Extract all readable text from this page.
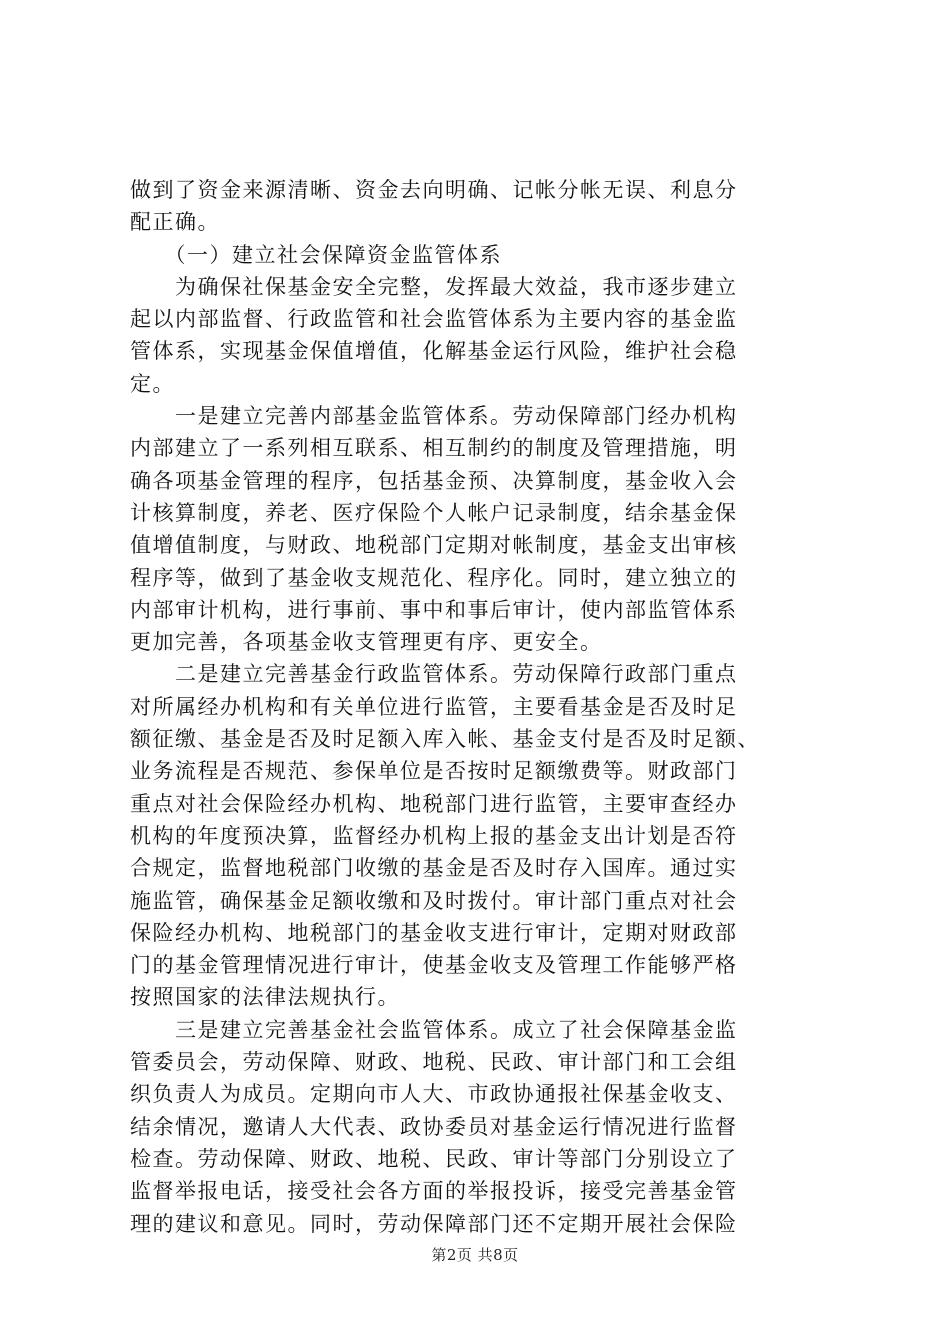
做到了资金来源清晰、资金去向明确、记帐分帐无误、利息分
配正确。
　　（一）建立社会保障资金监管体系
　　为确保社保基金安全完整，发挥最大效益，我市逐步建立
起以内部监督、行政监管和社会监管体系为主要内容的基金监
管体系，实现基金保值增值，化解基金运行风险，维护社会稳
定。
　　一是建立完善内部基金监管体系。劳动保障部门经办机构
内部建立了一系列相互联系、相互制约的制度及管理措施，明
确各项基金管理的程序，包括基金预、决算制度，基金收入会
计核算制度，养老、医疗保险个人帐户记录制度，结余基金保
值增值制度，与财政、地税部门定期对帐制度，基金支出审核
程序等，做到了基金收支规范化、程序化。同时，建立独立的
内部审计机构，进行事前、事中和事后审计，使内部监管体系
更加完善，各项基金收支管理更有序、更安全。
　　二是建立完善基金行政监管体系。劳动保障行政部门重点
对所属经办机构和有关单位进行监管，主要看基金是否及时足
额征缴、基金是否及时足额入库入帐、基金支付是否及时足额、
业务流程是否规范、参保单位是否按时足额缴费等。财政部门
重点对社会保险经办机构、地税部门进行监管，主要审查经办
机构的年度预决算，监督经办机构上报的基金支出计划是否符
合规定，监督地税部门收缴的基金是否及时存入国库。通过实
施监管，确保基金足额收缴和及时拨付。审计部门重点对社会
保险经办机构、地税部门的基金收支进行审计，定期对财政部
门的基金管理情况进行审计，使基金收支及管理工作能够严格
按照国家的法律法规执行。
　　三是建立完善基金社会监管体系。成立了社会保障基金监
管委员会，劳动保障、财政、地税、民政、审计部门和工会组
织负责人为成员。定期向市人大、市政协通报社保基金收支、
结余情况，邀请人大代表、政协委员对基金运行情况进行监督
检查。劳动保障、财政、地税、民政、审计等部门分别设立了
监督举报电话，接受社会各方面的举报投诉，接受完善基金管
理的建议和意见。同时，劳动保障部门还不定期开展社会保险
第2页 共8页
